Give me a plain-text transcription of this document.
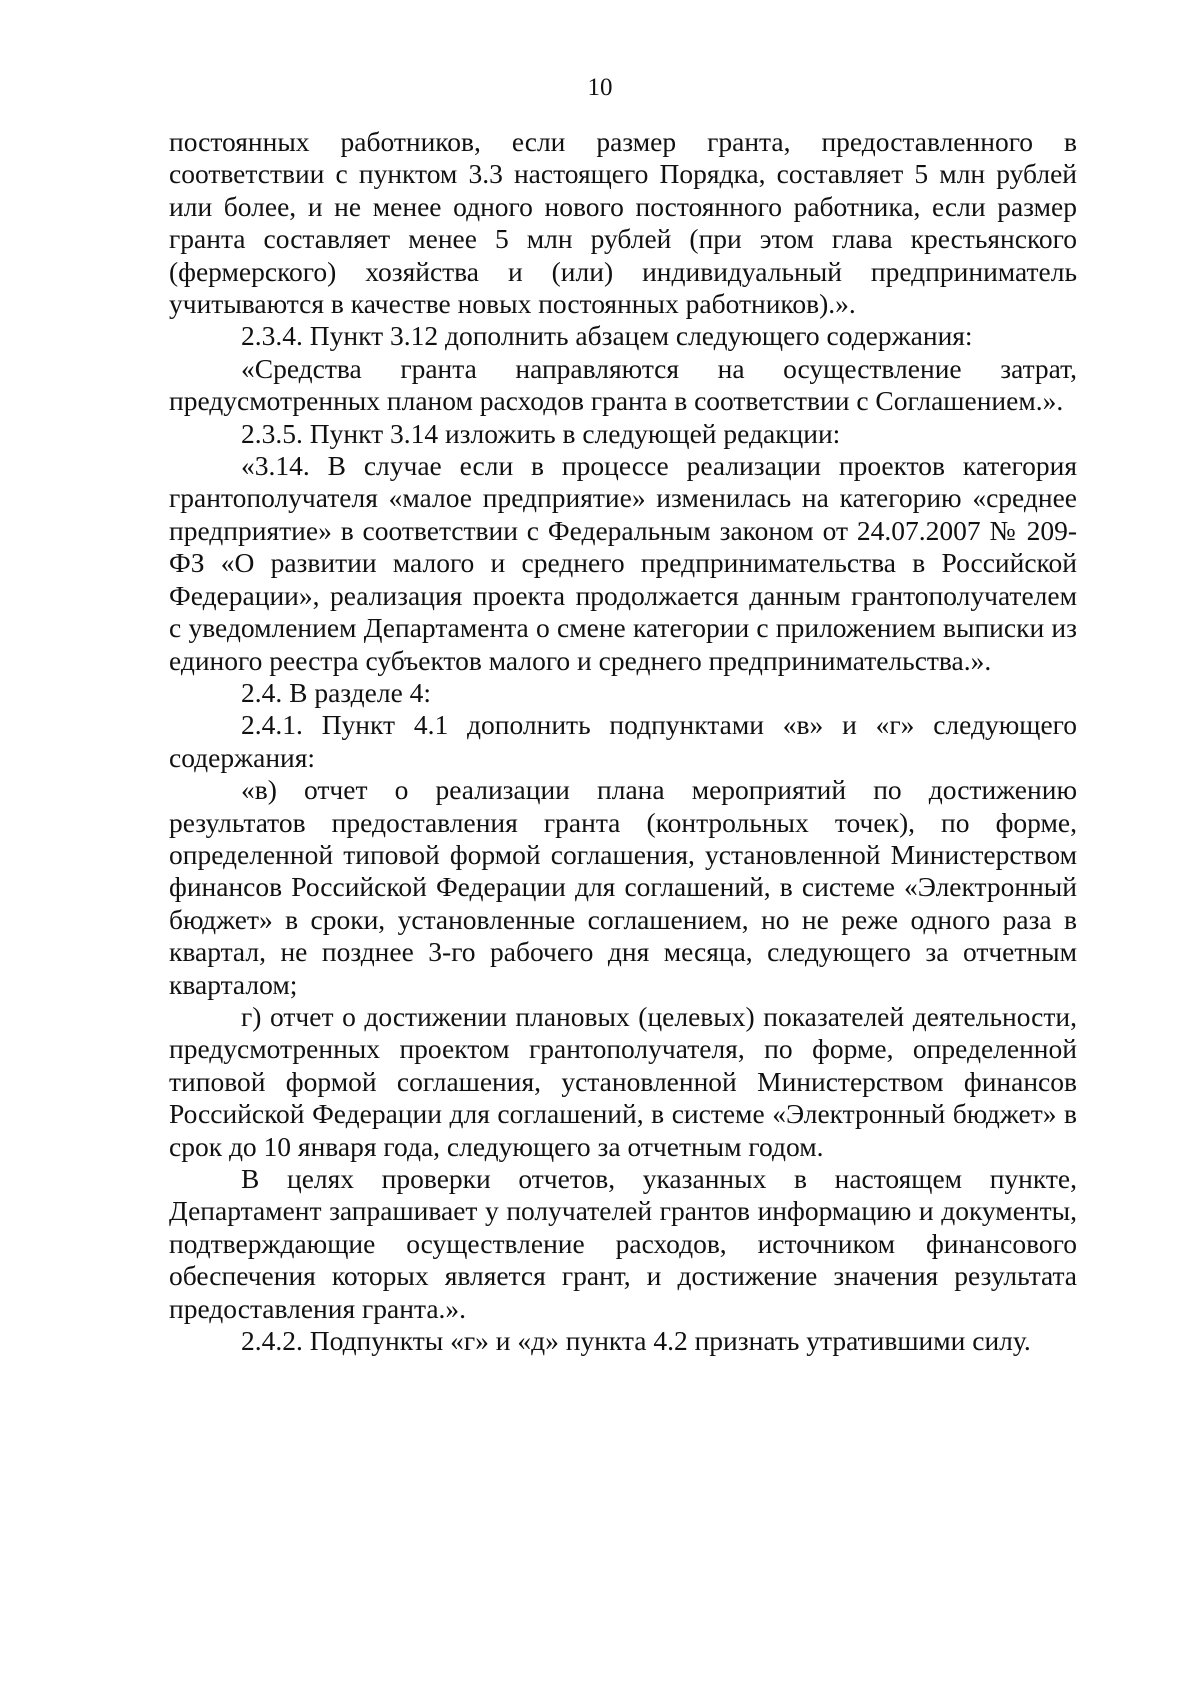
10

постоянных работников, если размер гранта, предоставленного в соответствии с пунктом 3.3 настоящего Порядка, составляет 5 млн рублей или более, и не менее одного нового постоянного работника, если размер гранта составляет менее 5 млн рублей (при этом глава крестьянского (фермерского) хозяйства и (или) индивидуальный предприниматель учитываются в качестве новых постоянных работников).».

2.3.4. Пункт 3.12 дополнить абзацем следующего содержания:

«Средства гранта направляются на осуществление затрат, предусмотренных планом расходов гранта в соответствии с Соглашением.».

2.3.5. Пункт 3.14 изложить в следующей редакции:

«3.14. В случае если в процессе реализации проектов категория грантополучателя «малое предприятие» изменилась на категорию «среднее предприятие» в соответствии с Федеральным законом от 24.07.2007 № 209-ФЗ «О развитии малого и среднего предпринимательства в Российской Федерации», реализация проекта продолжается данным грантополучателем с уведомлением Департамента о смене категории с приложением выписки из единого реестра субъектов малого и среднего предпринимательства.».

2.4. В разделе 4:

2.4.1. Пункт 4.1 дополнить подпунктами «в» и «г» следующего содержания:

«в) отчет о реализации плана мероприятий по достижению результатов предоставления гранта (контрольных точек), по форме, определенной типовой формой соглашения, установленной Министерством финансов Российской Федерации для соглашений, в системе «Электронный бюджет» в сроки, установленные соглашением, но не реже одного раза в квартал, не позднее 3-го рабочего дня месяца, следующего за отчетным кварталом;

г) отчет о достижении плановых (целевых) показателей деятельности, предусмотренных проектом грантополучателя, по форме, определенной типовой формой соглашения, установленной Министерством финансов Российской Федерации для соглашений, в системе «Электронный бюджет» в срок до 10 января года, следующего за отчетным годом.

В целях проверки отчетов, указанных в настоящем пункте, Департамент запрашивает у получателей грантов информацию и документы, подтверждающие осуществление расходов, источником финансового обеспечения которых является грант, и достижение значения результата предоставления гранта.».

2.4.2. Подпункты «г» и «д» пункта 4.2 признать утратившими силу.
